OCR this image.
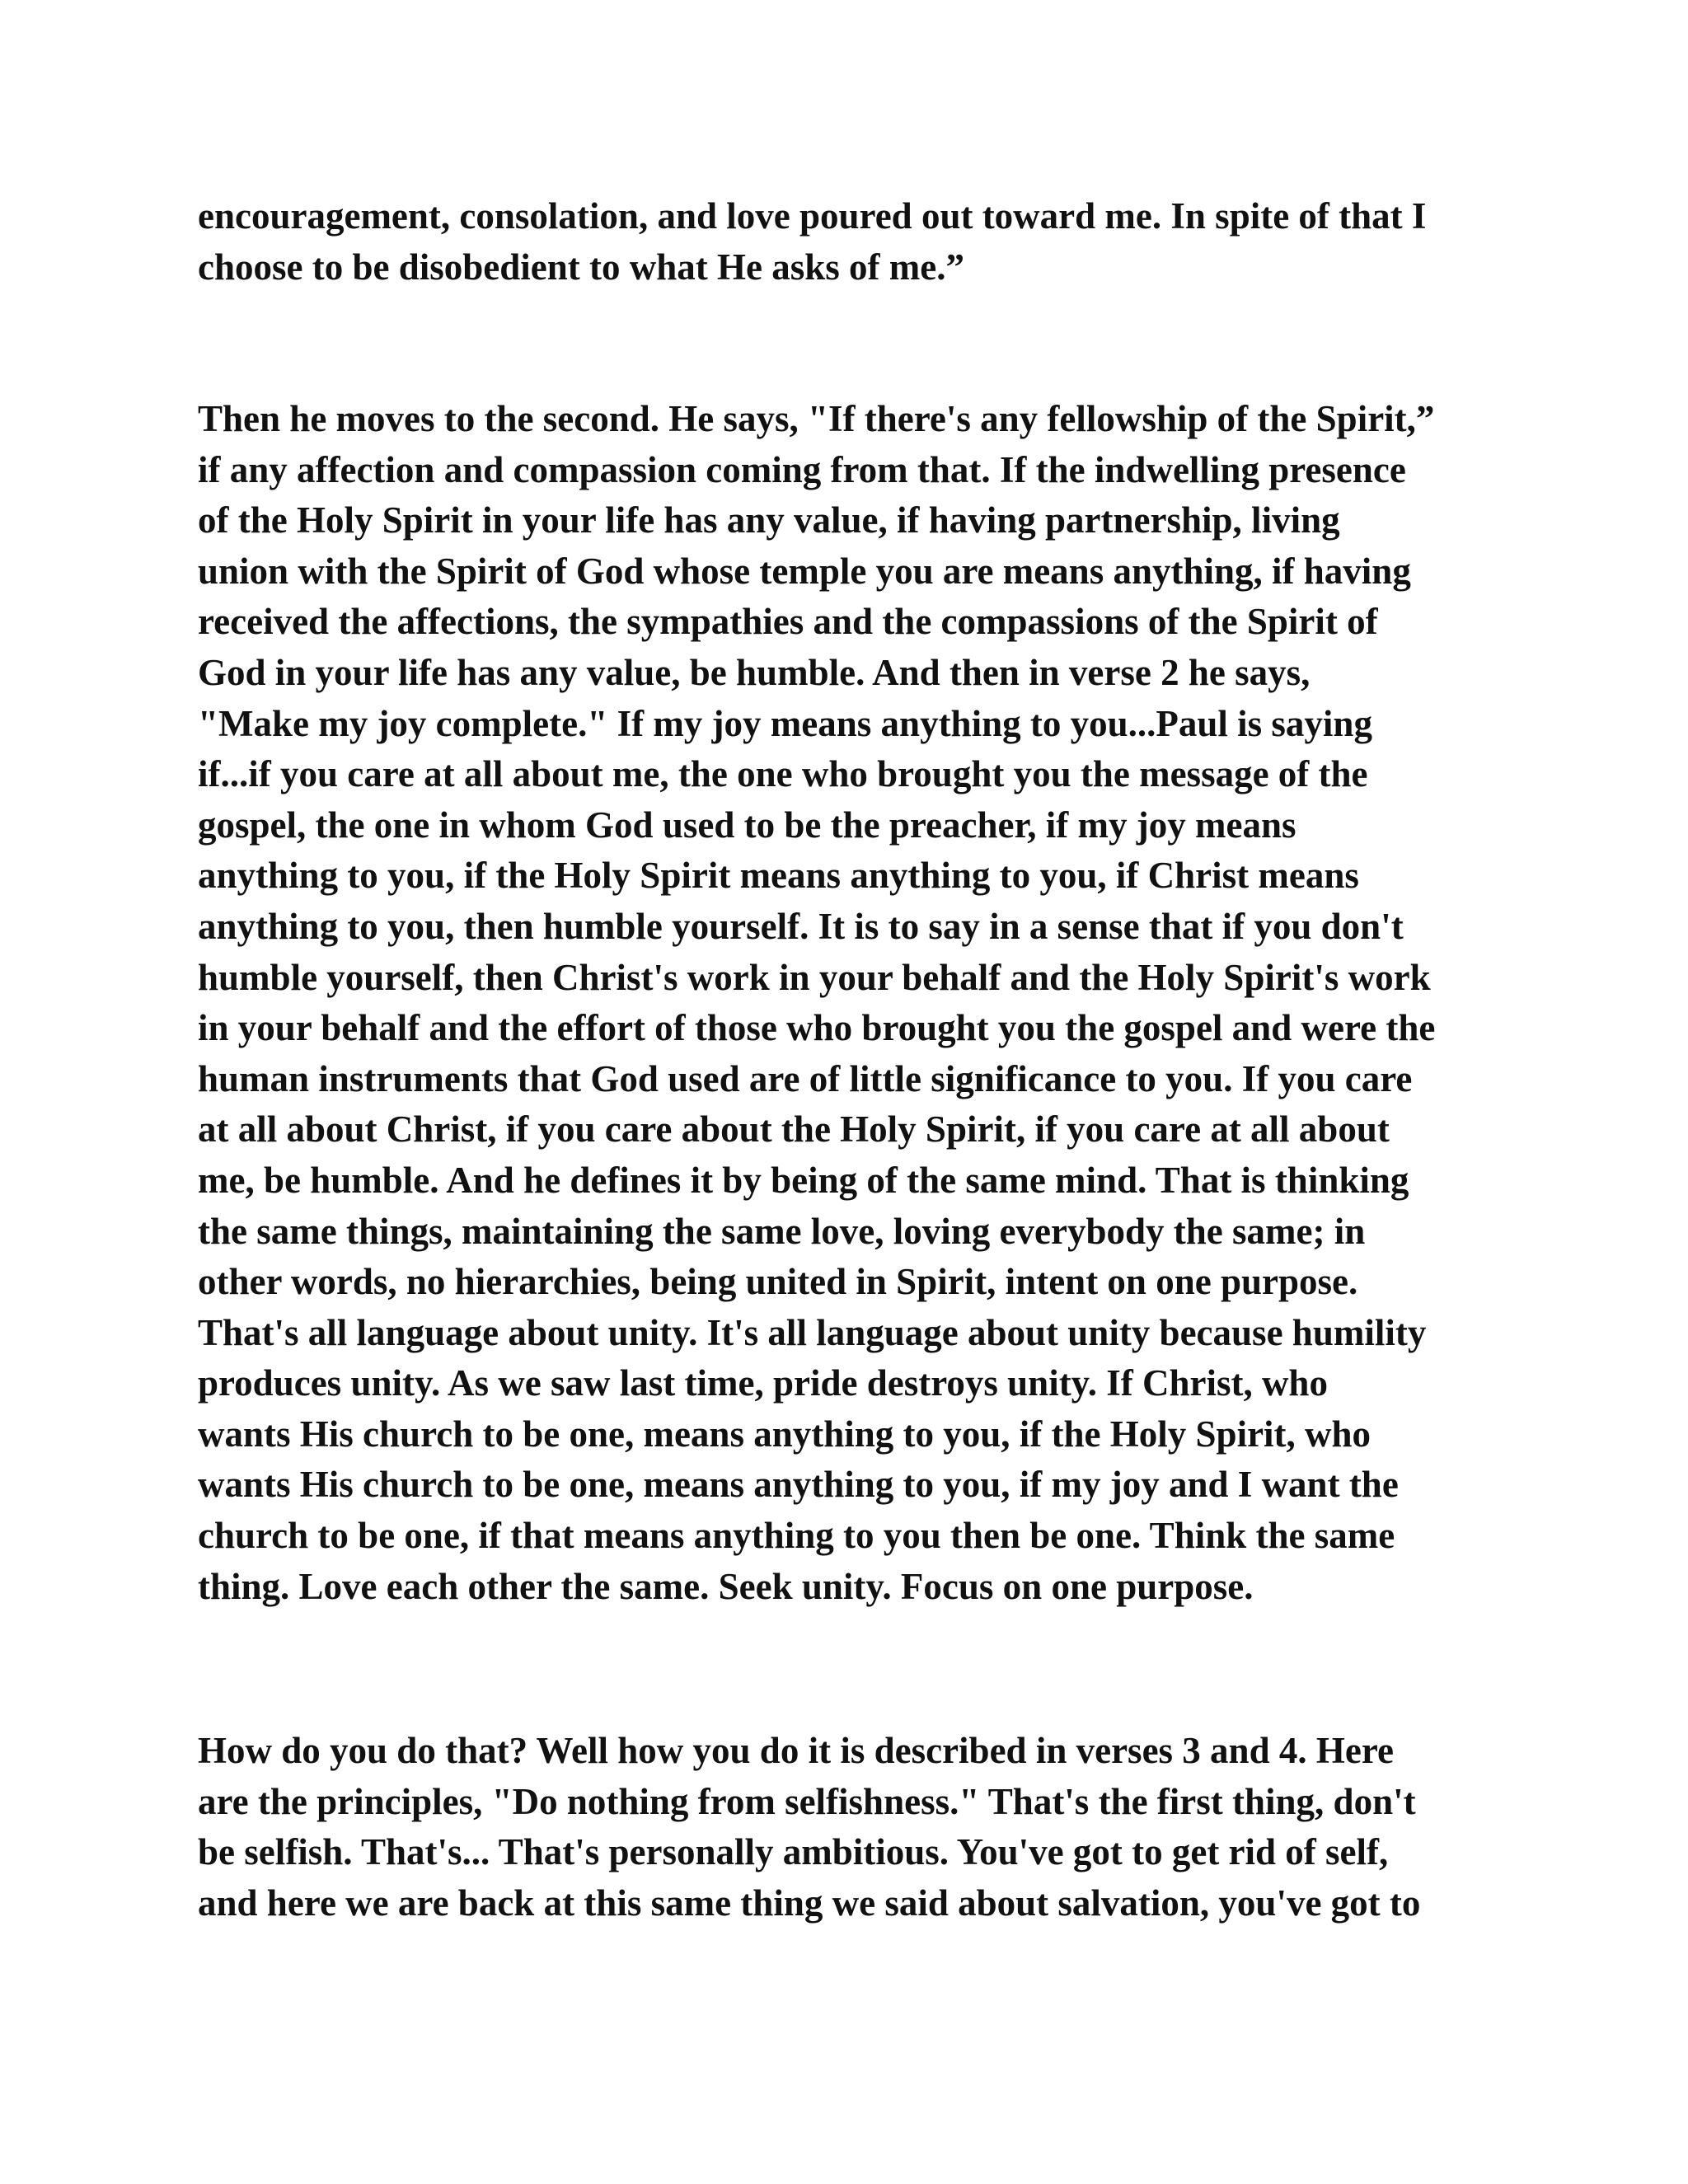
encouragement, consolation, and love poured out toward me. In spite of that I
choose to be disobedient to what He asks of me.”

Then he moves to the second. He says, "If there's any fellowship of the Spirit,”
if any affection and compassion coming from that. If the indwelling presence
of the Holy Spirit in your life has any value, if having partnership, living
union with the Spirit of God whose temple you are means anything, if having
received the affections, the sympathies and the compassions of the Spirit of
God in your life has any value, be humble. And then in verse 2 he says,
"Make my joy complete." If my joy means anything to you...Paul is saying
if...if you care at all about me, the one who brought you the message of the
gospel, the one in whom God used to be the preacher, if my joy means
anything to you, if the Holy Spirit means anything to you, if Christ means
anything to you, then humble yourself. It is to say in a sense that if you don't
humble yourself, then Christ's work in your behalf and the Holy Spirit's work
in your behalf and the effort of those who brought you the gospel and were the
human instruments that God used are of little significance to you. If you care
at all about Christ, if you care about the Holy Spirit, if you care at all about
me, be humble. And he defines it by being of the same mind. That is thinking
the same things, maintaining the same love, loving everybody the same; in
other words, no hierarchies, being united in Spirit, intent on one purpose.
That's all language about unity. It's all language about unity because humility
produces unity. As we saw last time, pride destroys unity. If Christ, who
wants His church to be one, means anything to you, if the Holy Spirit, who
wants His church to be one, means anything to you, if my joy and I want the
church to be one, if that means anything to you then be one. Think the same
thing. Love each other the same. Seek unity. Focus on one purpose.

How do you do that? Well how you do it is described in verses 3 and 4. Here
are the principles, "Do nothing from selfishness." That's the first thing, don't
be selfish. That's... That's personally ambitious. You've got to get rid of self,
and here we are back at this same thing we said about salvation, you've got to
